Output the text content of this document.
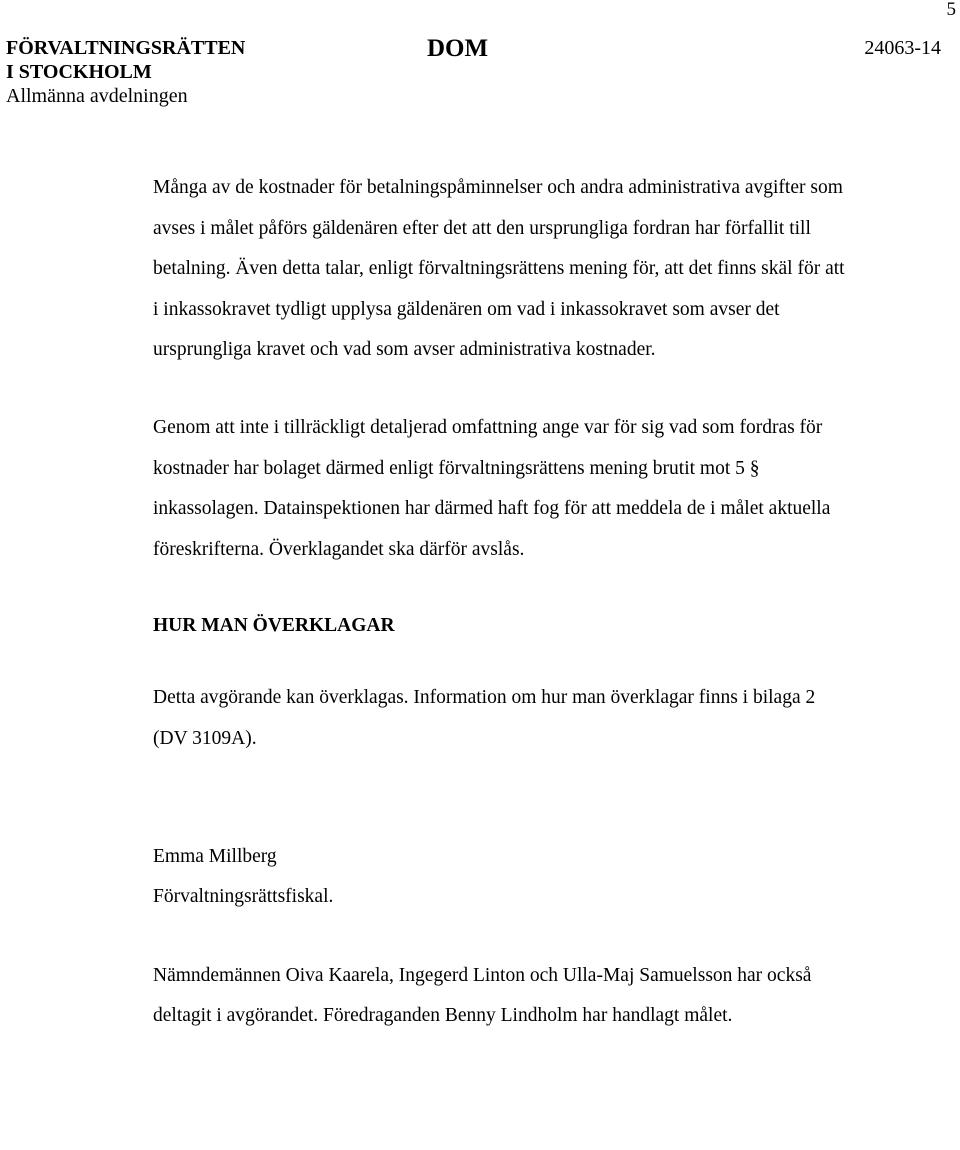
5
FÖRVALTNINGSRÄTTEN
I STOCKHOLM
Allmänna avdelningen
DOM	24063-14

Många av de kostnader för betalningspåminnelser och andra administrativa avgifter som avses i målet påförs gäldenären efter det att den ursprungliga fordran har förfallit till betalning. Även detta talar, enligt förvaltningsrättens mening för, att det finns skäl för att i inkassokravet tydligt upplysa gäldenären om vad i inkassokravet som avser det ursprungliga kravet och vad som avser administrativa kostnader.

Genom att inte i tillräckligt detaljerad omfattning ange var för sig vad som fordras för kostnader har bolaget därmed enligt förvaltningsrättens mening brutit mot 5 § inkassolagen. Datainspektionen har därmed haft fog för att meddela de i målet aktuella föreskrifterna. Överklagandet ska därför avslås.

HUR MAN ÖVERKLAGAR

Detta avgörande kan överklagas. Information om hur man överklagar finns i bilaga 2 (DV 3109A).

Emma Millberg
Förvaltningsrättsfiskal.

Nämndemännen Oiva Kaarela, Ingegerd Linton och Ulla-Maj Samuelsson har också deltagit i avgörandet. Föredraganden Benny Lindholm har handlagt målet.
